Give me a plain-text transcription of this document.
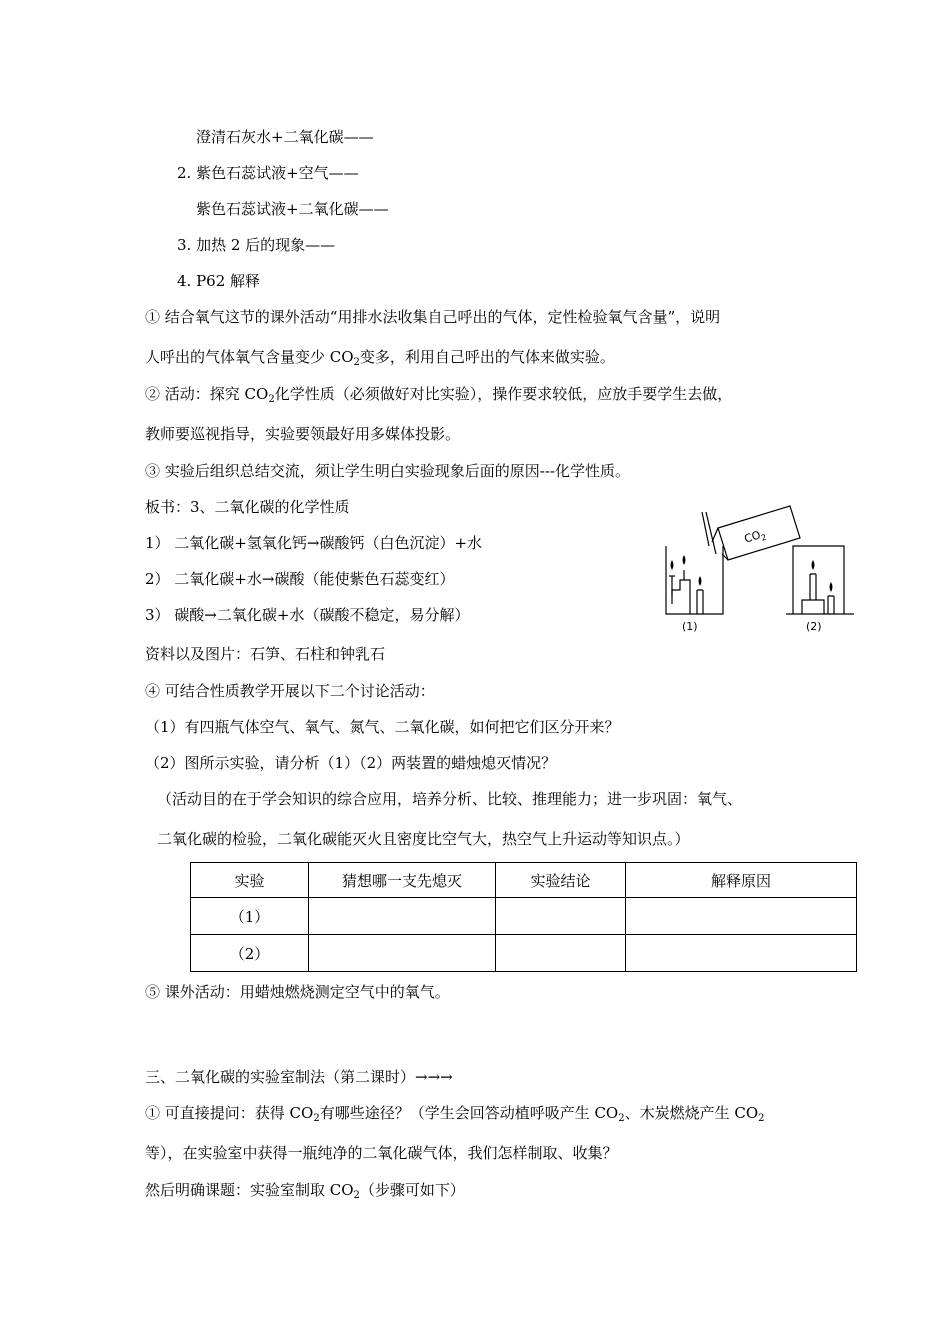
澄清石灰水+二氧化碳——
2. 紫色石蕊试液+空气——
紫色石蕊试液+二氧化碳——
3. 加热 2 后的现象——
4. P62 解释
① 结合氧气这节的课外活动“用排水法收集自己呼出的气体，定性检验氧气含量”，说明
人呼出的气体氧气含量变少 $CO_2$变多，利用自己呼出的气体来做实验。
② 活动：探究 $CO_2$化学性质（必须做好对比实验），操作要求较低，应放手要学生去做，
教师要巡视指导，实验要领最好用多媒体投影。
③ 实验后组织总结交流，须让学生明白实验现象后面的原因---化学性质。
板书：3、二氧化碳的化学性质
1） 二氧化碳+氢氧化钙→碳酸钙（白色沉淀）+水
2） 二氧化碳+水→碳酸（能使紫色石蕊变红）
3） 碳酸→二氧化碳+水（碳酸不稳定，易分解）
资料以及图片：石笋、石柱和钟乳石
$CO_2$
(1)	(2)
④ 可结合性质教学开展以下二个讨论活动：
（1）有四瓶气体空气、氧气、氮气、二氧化碳，如何把它们区分开来？
（2）图所示实验，请分析（1）（2）两装置的蜡烛熄灭情况？
（活动目的在于学会知识的综合应用，培养分析、比较、推理能力；进一步巩固：氧气、
二氧化碳的检验，二氧化碳能灭火且密度比空气大，热空气上升运动等知识点。）
实验	猜想哪一支先熄灭	实验结论	解释原因
（1）			
（2）			
⑤ 课外活动：用蜡烛燃烧测定空气中的氧气。
三、二氧化碳的实验室制法（第二课时）→→→
① 可直接提问：获得 $CO_2$有哪些途径？（学生会回答动植呼吸产生 $CO_2$、木炭燃烧产生 $CO_2$
等），在实验室中获得一瓶纯净的二氧化碳气体，我们怎样制取、收集？
然后明确课题：实验室制取 $CO_2$（步骤可如下）
